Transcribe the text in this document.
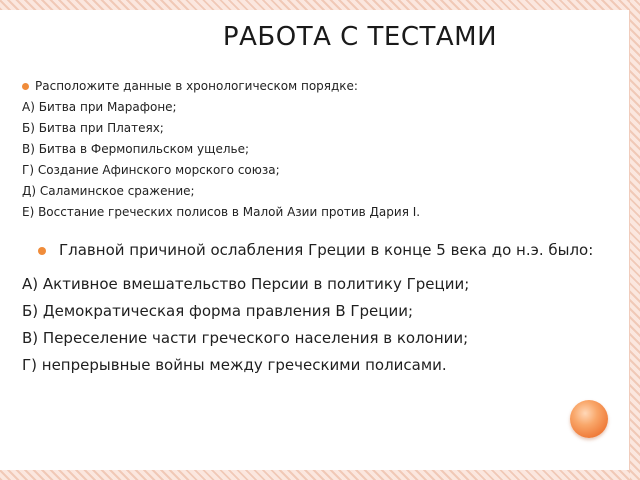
РАБОТА С ТЕСТАМИ
Расположите данные в хронологическом порядке:
А) Битва при Марафоне;
Б) Битва при Платеях;
В) Битва в Фермопильском ущелье;
Г) Создание Афинского морского союза;
Д) Саламинское сражение;
Е) Восстание греческих полисов в Малой Азии против Дария I.
Главной причиной ослабления Греции в конце 5 века до н.э. было:
А) Активное вмешательство Персии в политику Греции;
Б) Демократическая форма правления В Греции;
В) Переселение части греческого населения в колонии;
Г) непрерывные войны между греческими полисами.
